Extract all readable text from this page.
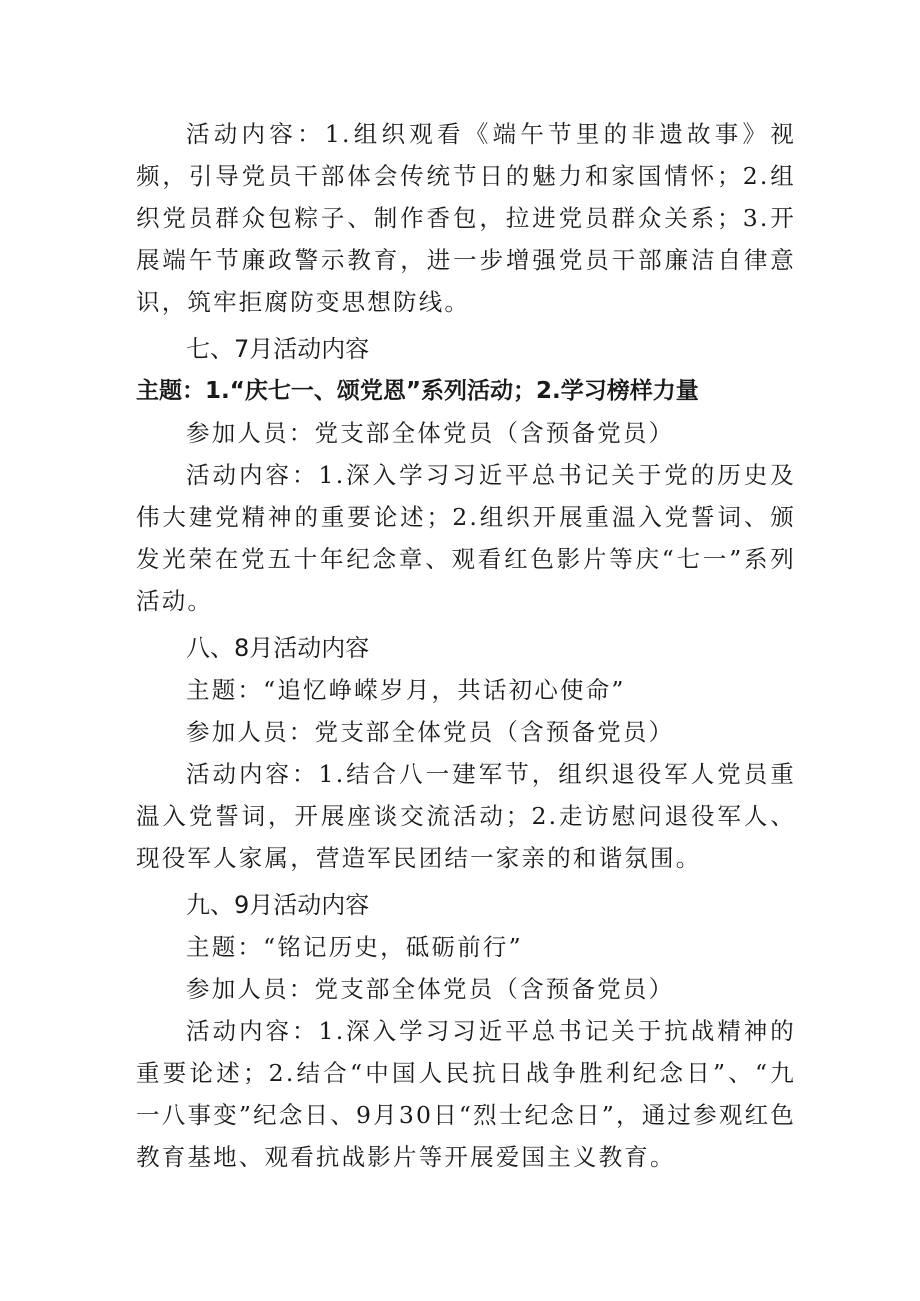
活动内容：1.组织观看《端午节里的非遗故事》视频，引导党员干部体会传统节日的魅力和家国情怀；2.组织党员群众包粽子、制作香包，拉进党员群众关系；3.开展端午节廉政警示教育，进一步增强党员干部廉洁自律意识，筑牢拒腐防变思想防线。

七、7月活动内容

主题：1.“庆七一、颂党恩”系列活动；2.学习榜样力量

参加人员：党支部全体党员（含预备党员）

活动内容：1.深入学习习近平总书记关于党的历史及伟大建党精神的重要论述；2.组织开展重温入党誓词、颁发光荣在党五十年纪念章、观看红色影片等庆“七一”系列活动。

八、8月活动内容

主题：“追忆峥嵘岁月，共话初心使命”

参加人员：党支部全体党员（含预备党员）

活动内容：1.结合八一建军节，组织退役军人党员重温入党誓词，开展座谈交流活动；2.走访慰问退役军人、现役军人家属，营造军民团结一家亲的和谐氛围。

九、9月活动内容

主题：“铭记历史，砥砺前行”

参加人员：党支部全体党员（含预备党员）

活动内容：1.深入学习习近平总书记关于抗战精神的重要论述；2.结合“中国人民抗日战争胜利纪念日”、“九一八事变”纪念日、9月30日“烈士纪念日”，通过参观红色教育基地、观看抗战影片等开展爱国主义教育。
